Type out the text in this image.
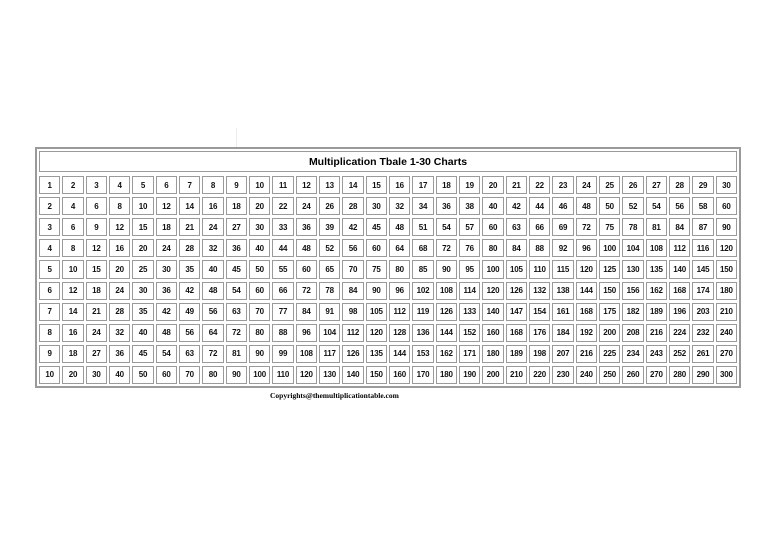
Multiplication Tbale 1-30 Charts
1	2	3	4	5	6	7	8	9	10	11	12	13	14	15	16	17	18	19	20	21	22	23	24	25	26	27	28	29	30
2	4	6	8	10	12	14	16	18	20	22	24	26	28	30	32	34	36	38	40	42	44	46	48	50	52	54	56	58	60
3	6	9	12	15	18	21	24	27	30	33	36	39	42	45	48	51	54	57	60	63	66	69	72	75	78	81	84	87	90
4	8	12	16	20	24	28	32	36	40	44	48	52	56	60	64	68	72	76	80	84	88	92	96	100	104	108	112	116	120
5	10	15	20	25	30	35	40	45	50	55	60	65	70	75	80	85	90	95	100	105	110	115	120	125	130	135	140	145	150
6	12	18	24	30	36	42	48	54	60	66	72	78	84	90	96	102	108	114	120	126	132	138	144	150	156	162	168	174	180
7	14	21	28	35	42	49	56	63	70	77	84	91	98	105	112	119	126	133	140	147	154	161	168	175	182	189	196	203	210
8	16	24	32	40	48	56	64	72	80	88	96	104	112	120	128	136	144	152	160	168	176	184	192	200	208	216	224	232	240
9	18	27	36	45	54	63	72	81	90	99	108	117	126	135	144	153	162	171	180	189	198	207	216	225	234	243	252	261	270
10	20	30	40	50	60	70	80	90	100	110	120	130	140	150	160	170	180	190	200	210	220	230	240	250	260	270	280	290	300
Copyrights@themultiplicationtable.com
